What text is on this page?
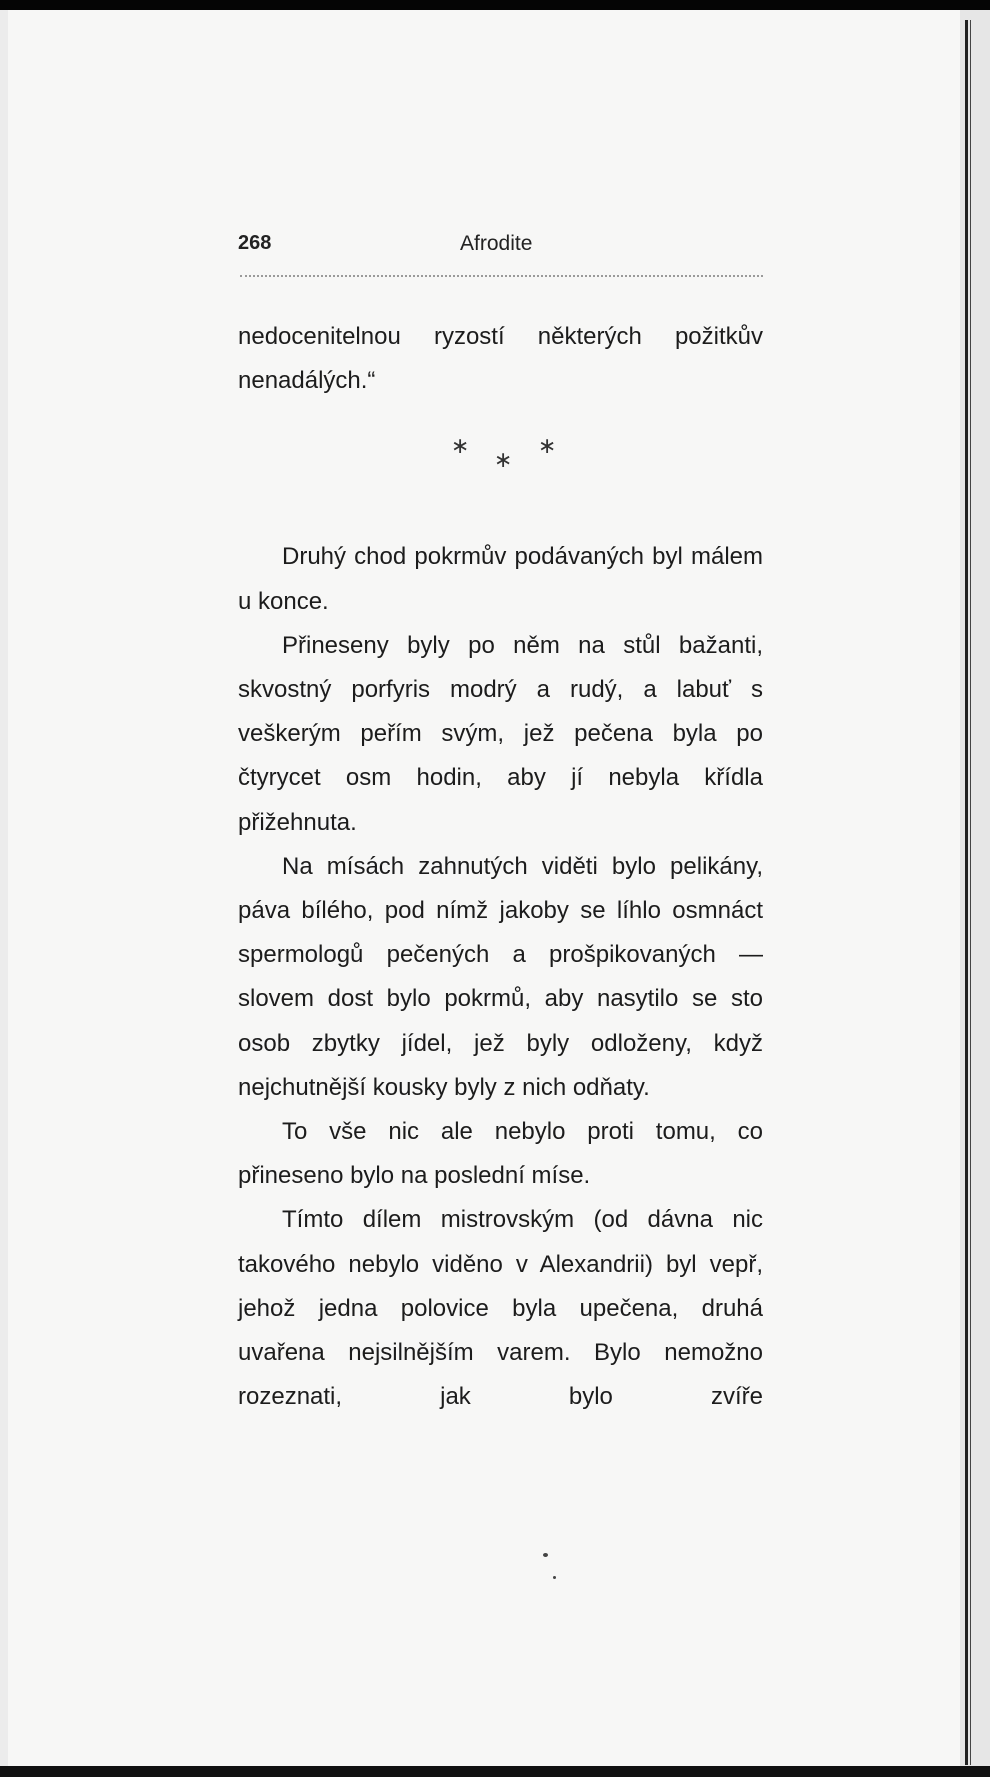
268	Afrodite

nedocenitelnou ryzostí některých požitkův nenadálých.“

∗
∗
∗

Druhý chod pokrmův podávaných byl málem u konce.

Přineseny byly po něm na stůl bažanti, skvostný porfyris modrý a rudý, a labuť s veškerým peřím svým, jež pečena byla po čtyrycet osm hodin, aby jí nebyla křídla přižehnuta.

Na mísách zahnutých viděti bylo pelikány, páva bílého, pod nímž jakoby se líhlo osmnáct spermologů pečených a prošpikovaných — slovem dost bylo pokrmů, aby nasytilo se sto osob zbytky jídel, jež byly odloženy, když nejchutnější kousky byly z nich odňaty.

To vše nic ale nebylo proti tomu, co přineseno bylo na poslední míse.

Tímto dílem mistrovským (od dávna nic takového nebylo viděno v Alexandrii) byl vepř, jehož jedna polovice byla upečena, druhá uvařena nejsilnějším varem. Bylo nemožno rozeznati, jak bylo zvíře
